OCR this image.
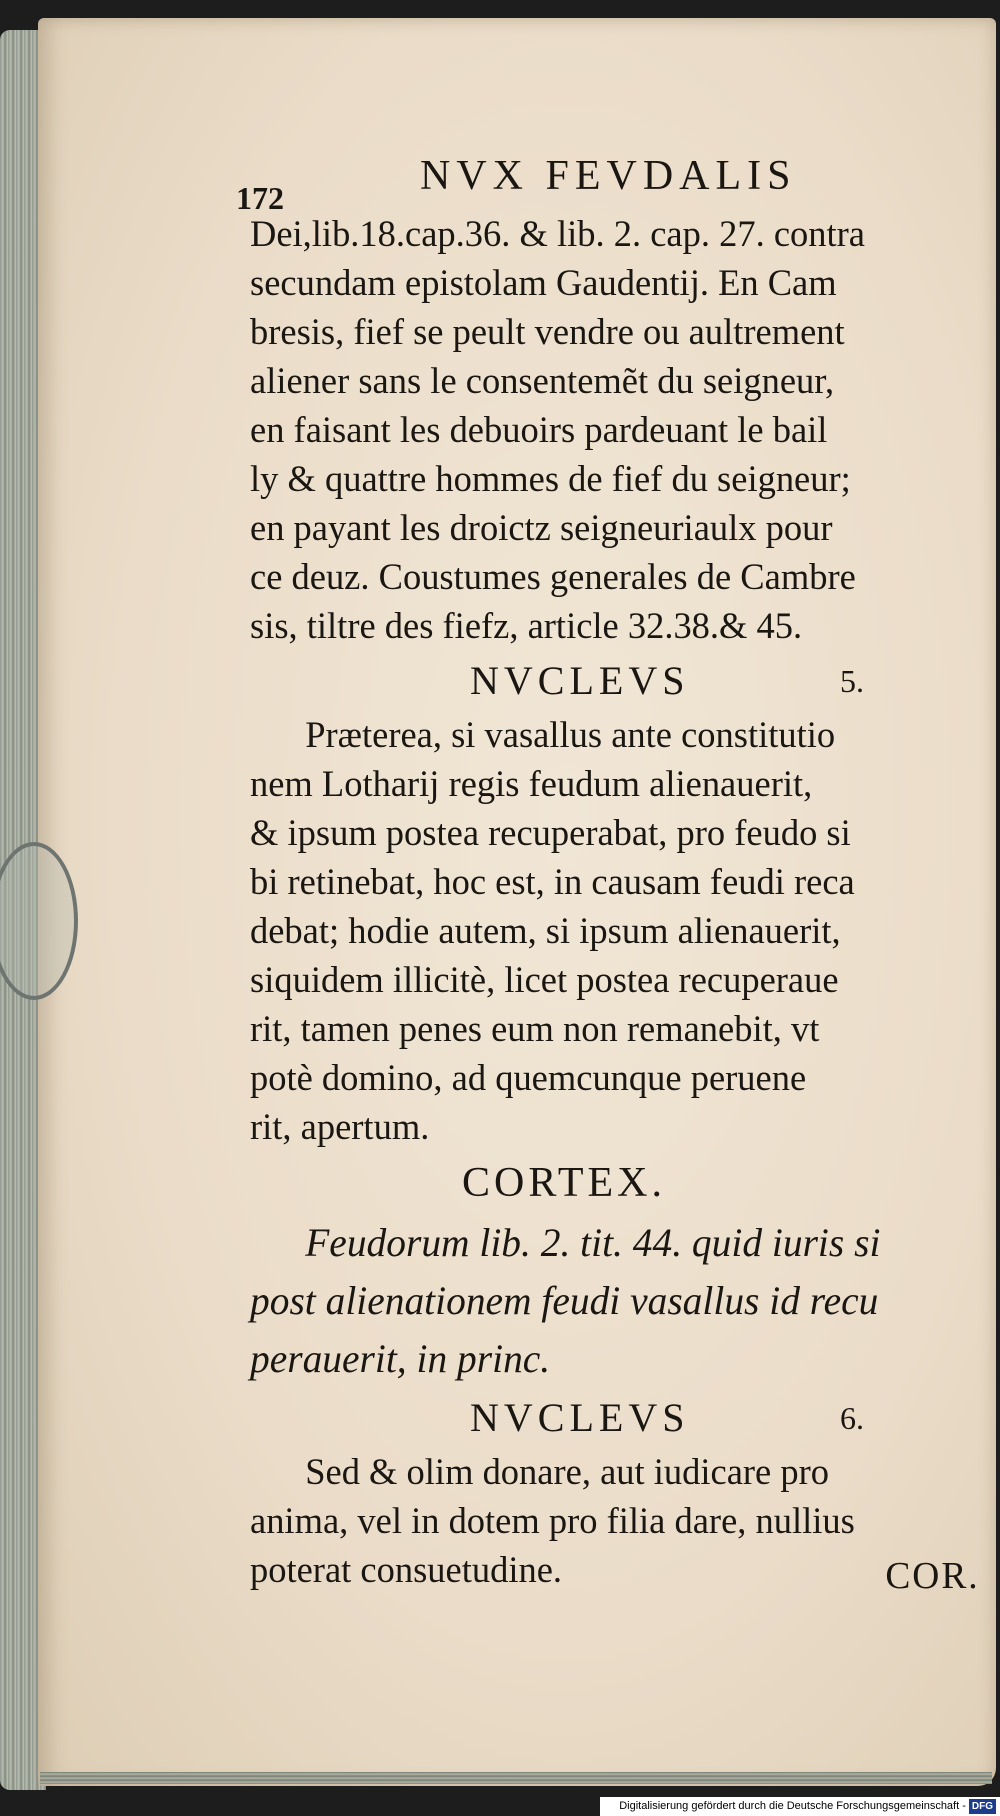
172	NVX FEVDALIS
Dei,lib.18.cap.36. & lib. 2. cap. 27. contra
secundam epistolam Gaudentij. En Cam
bresis, fief se peult vendre ou aultrement
aliener sans le consentemẽt du seigneur,
en faisant les debuoirs pardeuant le bail
ly & quattre hommes de fief du seigneur;
en payant les droictz seigneuriaulx pour
ce deuz. Coustumes generales de Cambre
sis, tiltre des fiefz, article 32.38.& 45.
NVCLEVS	5.
Præterea, si vasallus ante constitutio
nem Lotharij regis feudum alienauerit,
& ipsum postea recuperabat, pro feudo si
bi retinebat, hoc est, in causam feudi reca
debat; hodie autem, si ipsum alienauerit,
siquidem illicitè, licet postea recuperaue
rit, tamen penes eum non remanebit, vt
potè domino, ad quemcunque peruene
rit, apertum.
CORTEX.
Feudorum lib. 2. tit. 44. quid iuris si
post alienationem feudi vasallus id recu
perauerit, in princ.
NVCLEVS	6.
Sed & olim donare, aut iudicare pro
anima, vel in dotem pro filia dare, nullius
poterat consuetudine.	COR.
Digitalisierung gefördert durch die Deutsche Forschungsgemeinschaft - DFG
